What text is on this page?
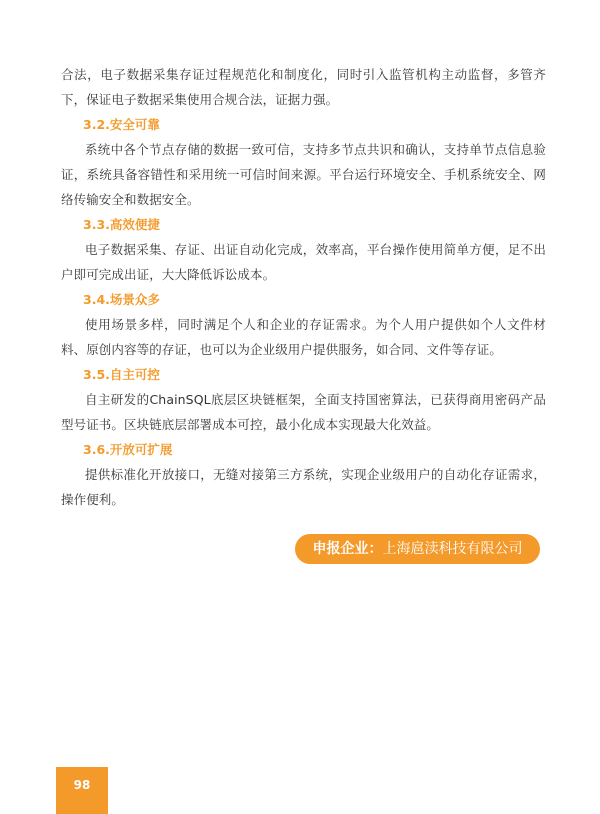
合法，电子数据采集存证过程规范化和制度化，同时引入监管机构主动监督，多管齐下，保证电子数据采集使用合规合法，证据力强。

3.2.安全可靠

系统中各个节点存储的数据一致可信，支持多节点共识和确认，支持单节点信息验证，系统具备容错性和采用统一可信时间来源。平台运行环境安全、手机系统安全、网络传输安全和数据安全。

3.3.高效便捷

电子数据采集、存证、出证自动化完成，效率高，平台操作使用简单方便，足不出户即可完成出证，大大降低诉讼成本。

3.4.场景众多

使用场景多样，同时满足个人和企业的存证需求。为个人用户提供如个人文件材料、原创内容等的存证，也可以为企业级用户提供服务，如合同、文件等存证。

3.5.自主可控

自主研发的ChainSQL底层区块链框架，全面支持国密算法，已获得商用密码产品型号证书。区块链底层部署成本可控，最小化成本实现最大化效益。

3.6.开放可扩展

提供标准化开放接口，无缝对接第三方系统，实现企业级用户的自动化存证需求，操作便利。

申报企业：上海扈渎科技有限公司
98
